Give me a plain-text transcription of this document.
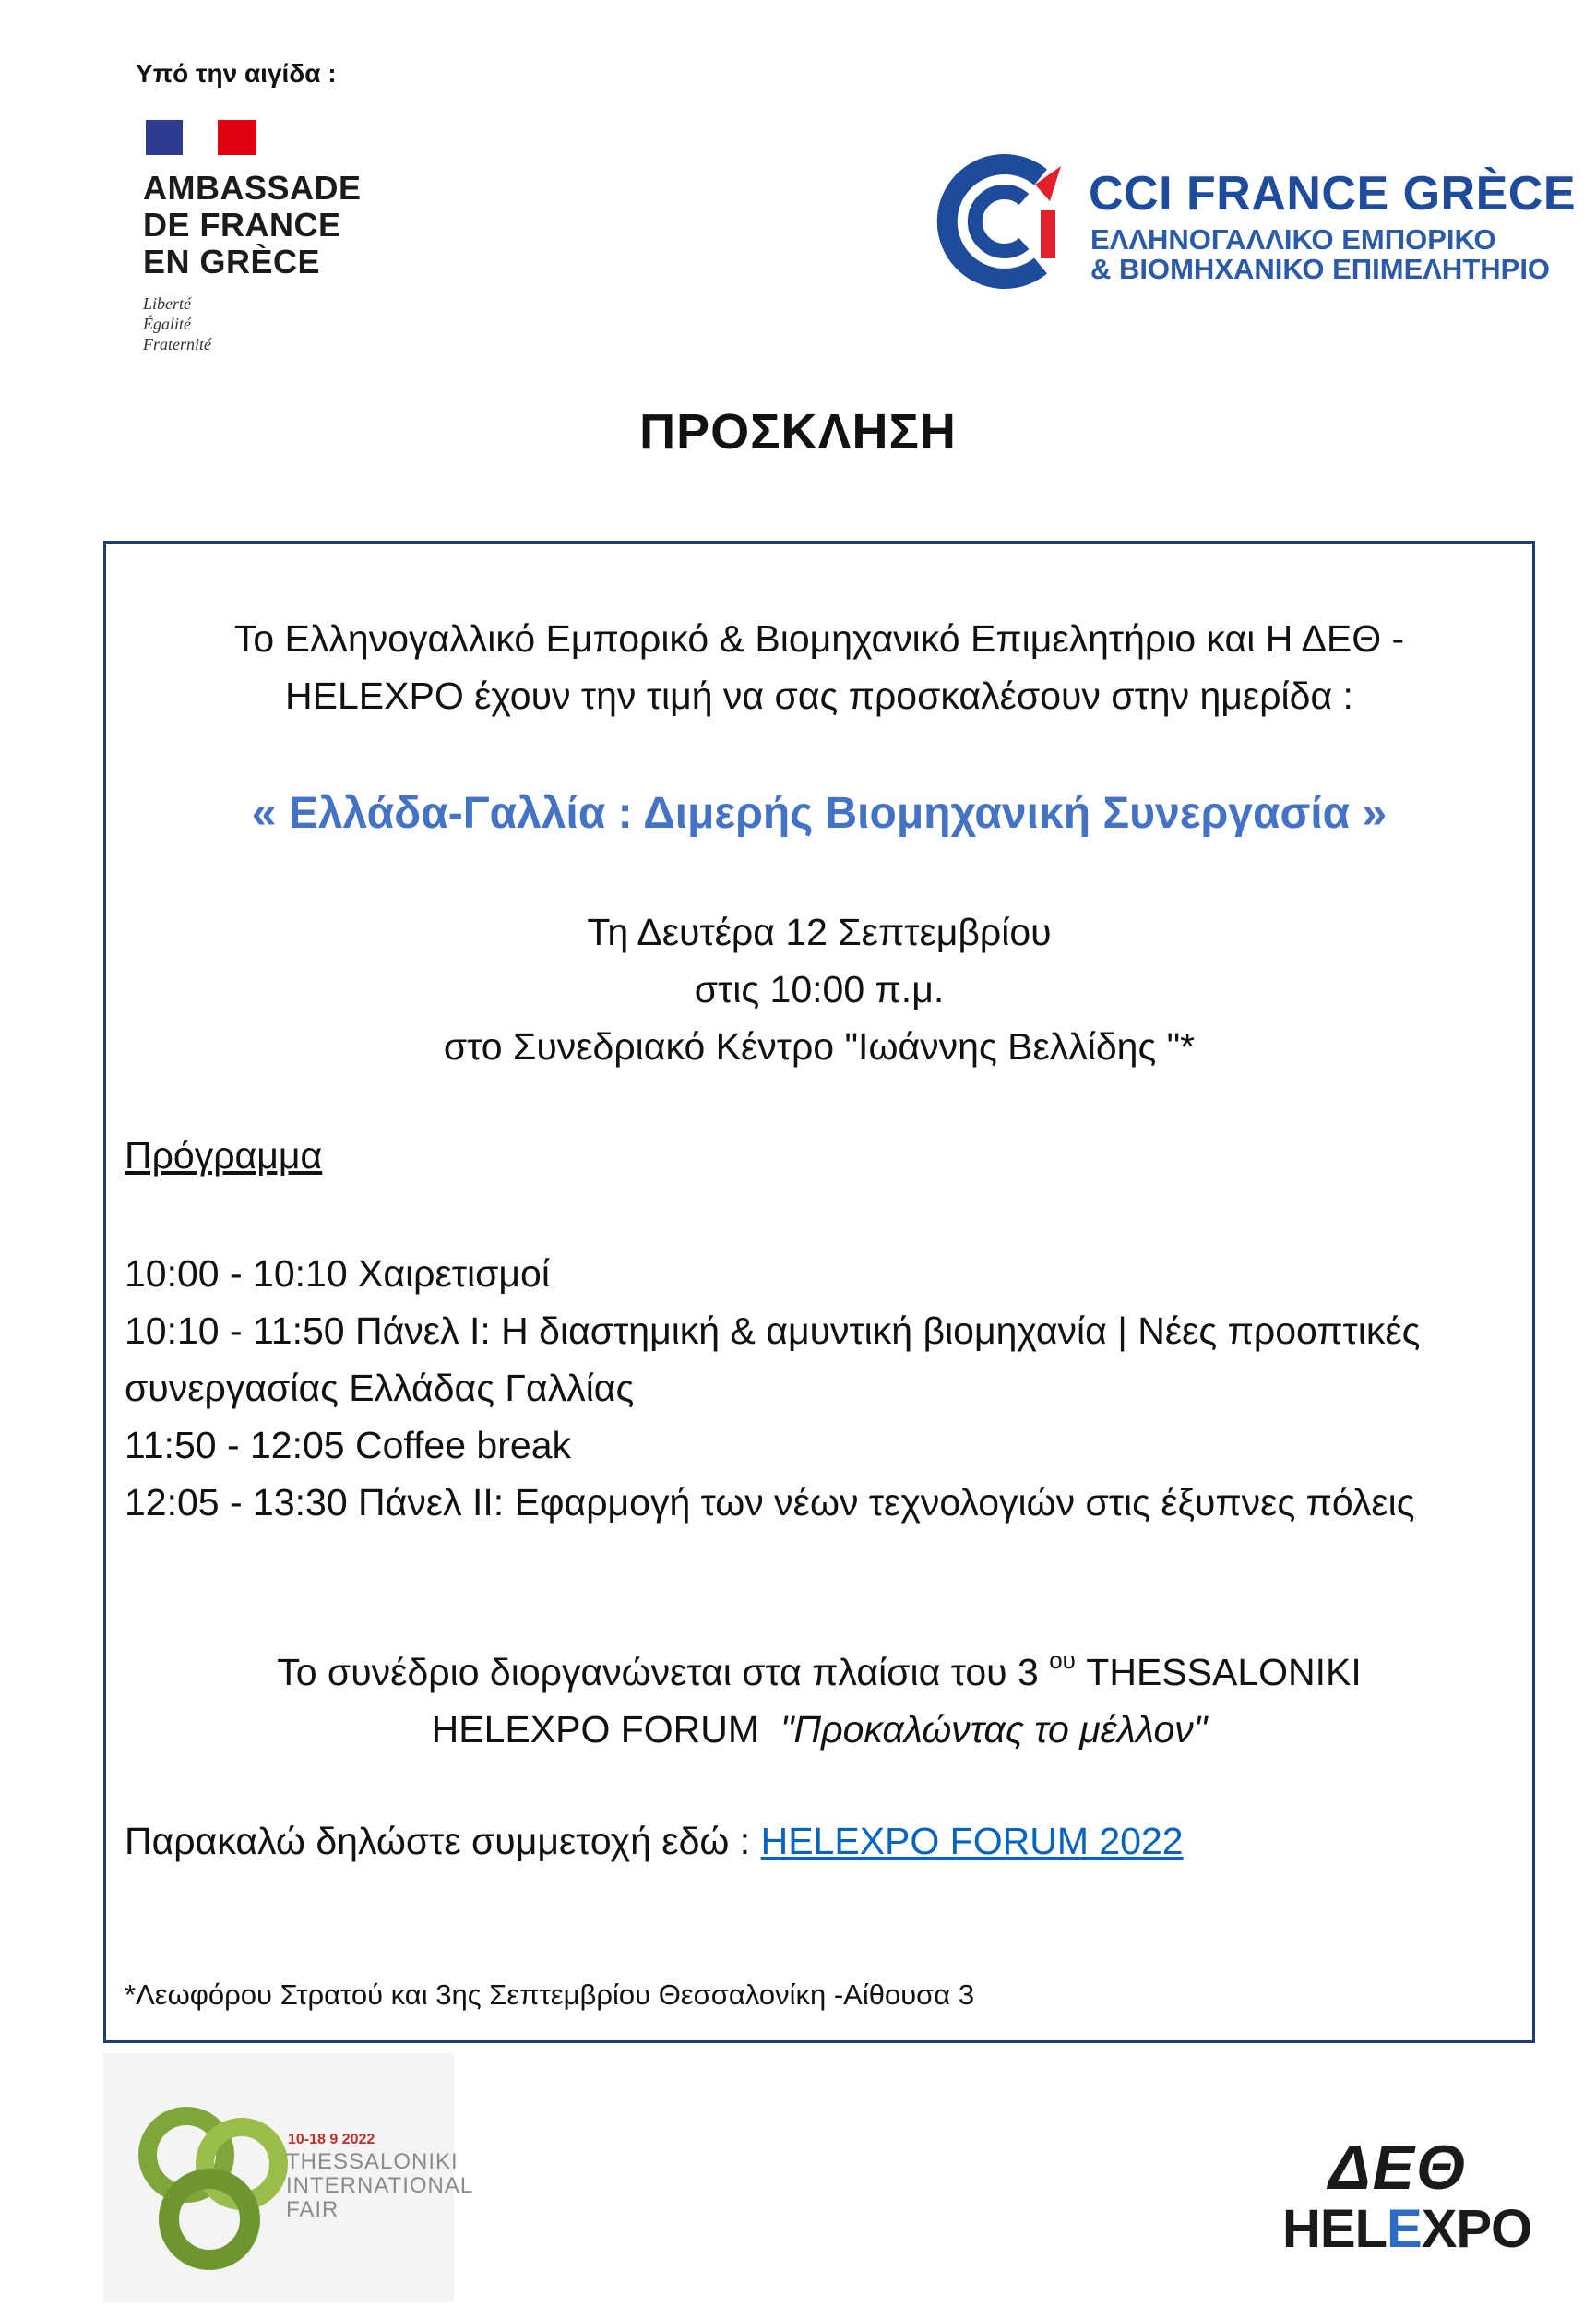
Υπό την αιγίδα :
AMBASSADE
DE FRANCE
EN GRÈCE
Liberté
Égalité
Fraternité
CCI FRANCE GRÈCE
ΕΛΛΗΝΟΓΑΛΛΙΚΟ ΕΜΠΟΡΙΚΟ
& ΒΙΟΜΗΧΑΝΙΚΟ ΕΠΙΜΕΛΗΤΗΡΙΟ
ΠΡΟΣΚΛΗΣΗ
Το Ελληνογαλλικό Εμπορικό & Βιομηχανικό Επιμελητήριο και Η ΔΕΘ -
HELEXPO έχουν την τιμή να σας προσκαλέσουν στην ημερίδα :
« Ελλάδα-Γαλλία : Διμερής Βιομηχανική Συνεργασία »
Τη Δευτέρα 12 Σεπτεμβρίου
στις 10:00 π.μ.
στο Συνεδριακό Κέντρο "Ιωάννης Βελλίδης "*
Πρόγραμμα
10:00 - 10:10 Χαιρετισμοί
10:10 - 11:50 Πάνελ I: Η διαστημική & αμυντική βιομηχανία | Νέες προοπτικές συνεργασίας Ελλάδας Γαλλίας
11:50 - 12:05 Coffee break
12:05 - 13:30 Πάνελ II: Εφαρμογή των νέων τεχνολογιών στις έξυπνες πόλεις
Το συνέδριο διοργανώνεται στα πλαίσια του 3 $^{o\upsilon}$ THESSALONIKI
HELEXPO FORUM "Προκαλώντας το μέλλον"
Παρακαλώ δηλώστε συμμετοχή εδώ : HELEXPO FORUM 2022
*Λεωφόρου Στρατού και 3ης Σεπτεμβρίου Θεσσαλονίκη -Αίθουσα 3
10-18 9 2022
THESSALONIKI
INTERNATIONAL
FAIR
ΔΕΘ
HELEXPO
